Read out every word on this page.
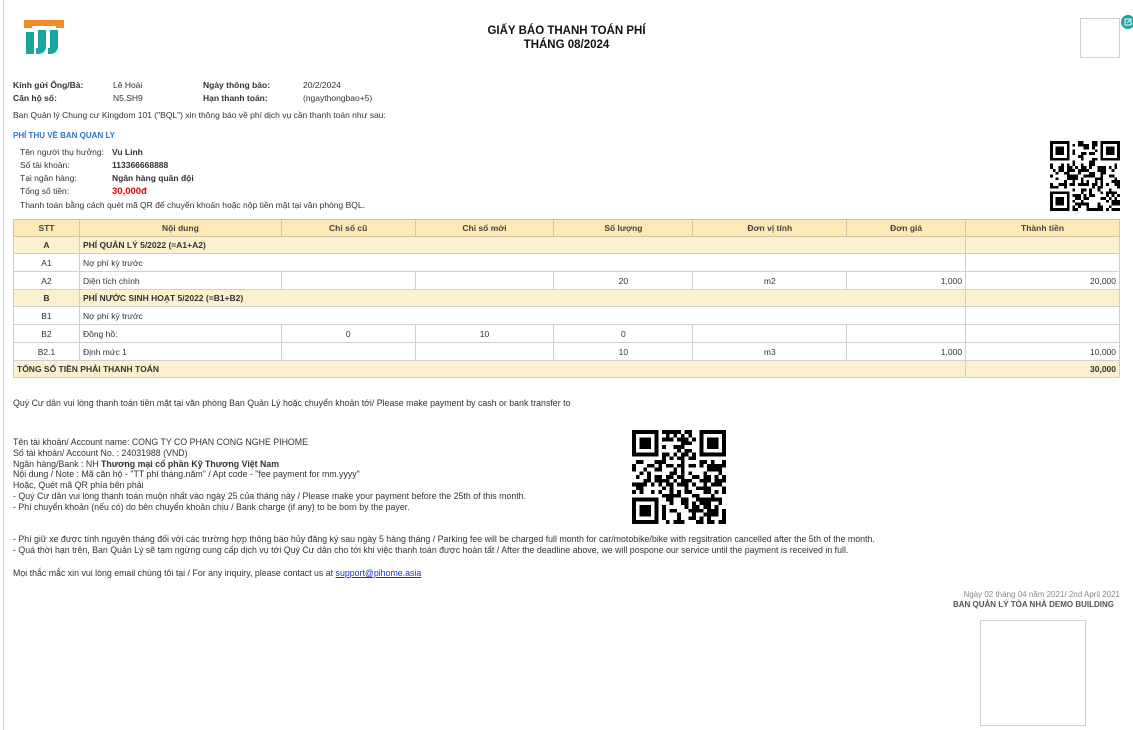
GIẤY BÁO THANH TOÁN PHÍ
THÁNG 08/2024
Kính gửi Ông/Bà:	Lê Hoài	Ngày thông báo:	20/2/2024
Căn hộ số:	N5.SH9	Hạn thanh toán:	(ngaythongbao+5)
Ban Quản lý Chung cư Kingdom 101 ("BQL") xin thông báo về phí dịch vụ cần thanh toán như sau:
PHÍ THU VỀ BAN QUAN LY
Tên người thụ hưởng: Vu Linh
Số tài khoản:	113366668888
Tại ngân hàng:	Ngân hàng quân đội
Tổng số tiền:	30,000đ
Thanh toán bằng cách quét mã QR để chuyển khoản hoặc nộp tiền mặt tại văn phòng BQL.
STT	Nội dung	Chỉ số cũ	Chỉ số mới	Số lượng	Đơn vị tính	Đơn giá	Thành tiền
A	PHÍ QUẢN LÝ 5/2022 (=A1+A2)						
A1	Nợ phí kỳ trước						
A2	Diện tích chính			20	m2	1,000	20,000
B	PHÍ NƯỚC SINH HOẠT 5/2022 (=B1+B2)						
B1	Nợ phí kỳ trước						
B2	Đồng hồ:	0	10	0			
B2.1	Định mức 1			10	m3	1,000	10,000
TỔNG SỐ TIỀN PHẢI THANH TOÁN							30,000
Quý Cư dân vui lòng thanh toán tiền mặt tại văn phòng Ban Quản Lý hoặc chuyển khoản tới/ Please make payment by cash or bank transfer to
Tên tài khoản/ Account name: CONG TY CO PHAN CONG NGHE PIHOME
Số tài khoản/ Account No. : 24031988 (VND)
Ngân hàng/Bank : NH Thương mại cổ phần Kỹ Thương Việt Nam
Nội dung / Note : Mã căn hộ - "TT phí tháng.năm" / Apt code - "fee payment for mm.yyyy"
Hoặc, Quét mã QR phía bên phải
- Quý Cư dân vui lòng thanh toán muộn nhất vào ngày 25 của tháng này / Please make your payment before the 25th of this month.
- Phí chuyển khoản (nếu có) do bên chuyển khoản chịu / Bank charge (if any) to be born by the payer.
- Phí giữ xe được tính nguyên tháng đối với các trường hợp thông báo hủy đăng ký sau ngày 5 hàng tháng / Parking fee will be charged full month for car/motobike/bike with regsitration cancelled after the 5th of the month.
- Quá thời hạn trên, Ban Quản Lý sẽ tạm ngừng cung cấp dịch vụ tới Quý Cư dân cho tới khi việc thanh toán được hoàn tất / After the deadline above, we will pospone our service until the payment is received in full.
Mọi thắc mắc xin vui lòng email chúng tôi tại / For any inquiry, please contact us at support@pihome.asia
Ngày 02 tháng 04 năm 2021/ 2nd April 2021
BAN QUẢN LÝ TÒA NHÀ DEMO BUILDING
